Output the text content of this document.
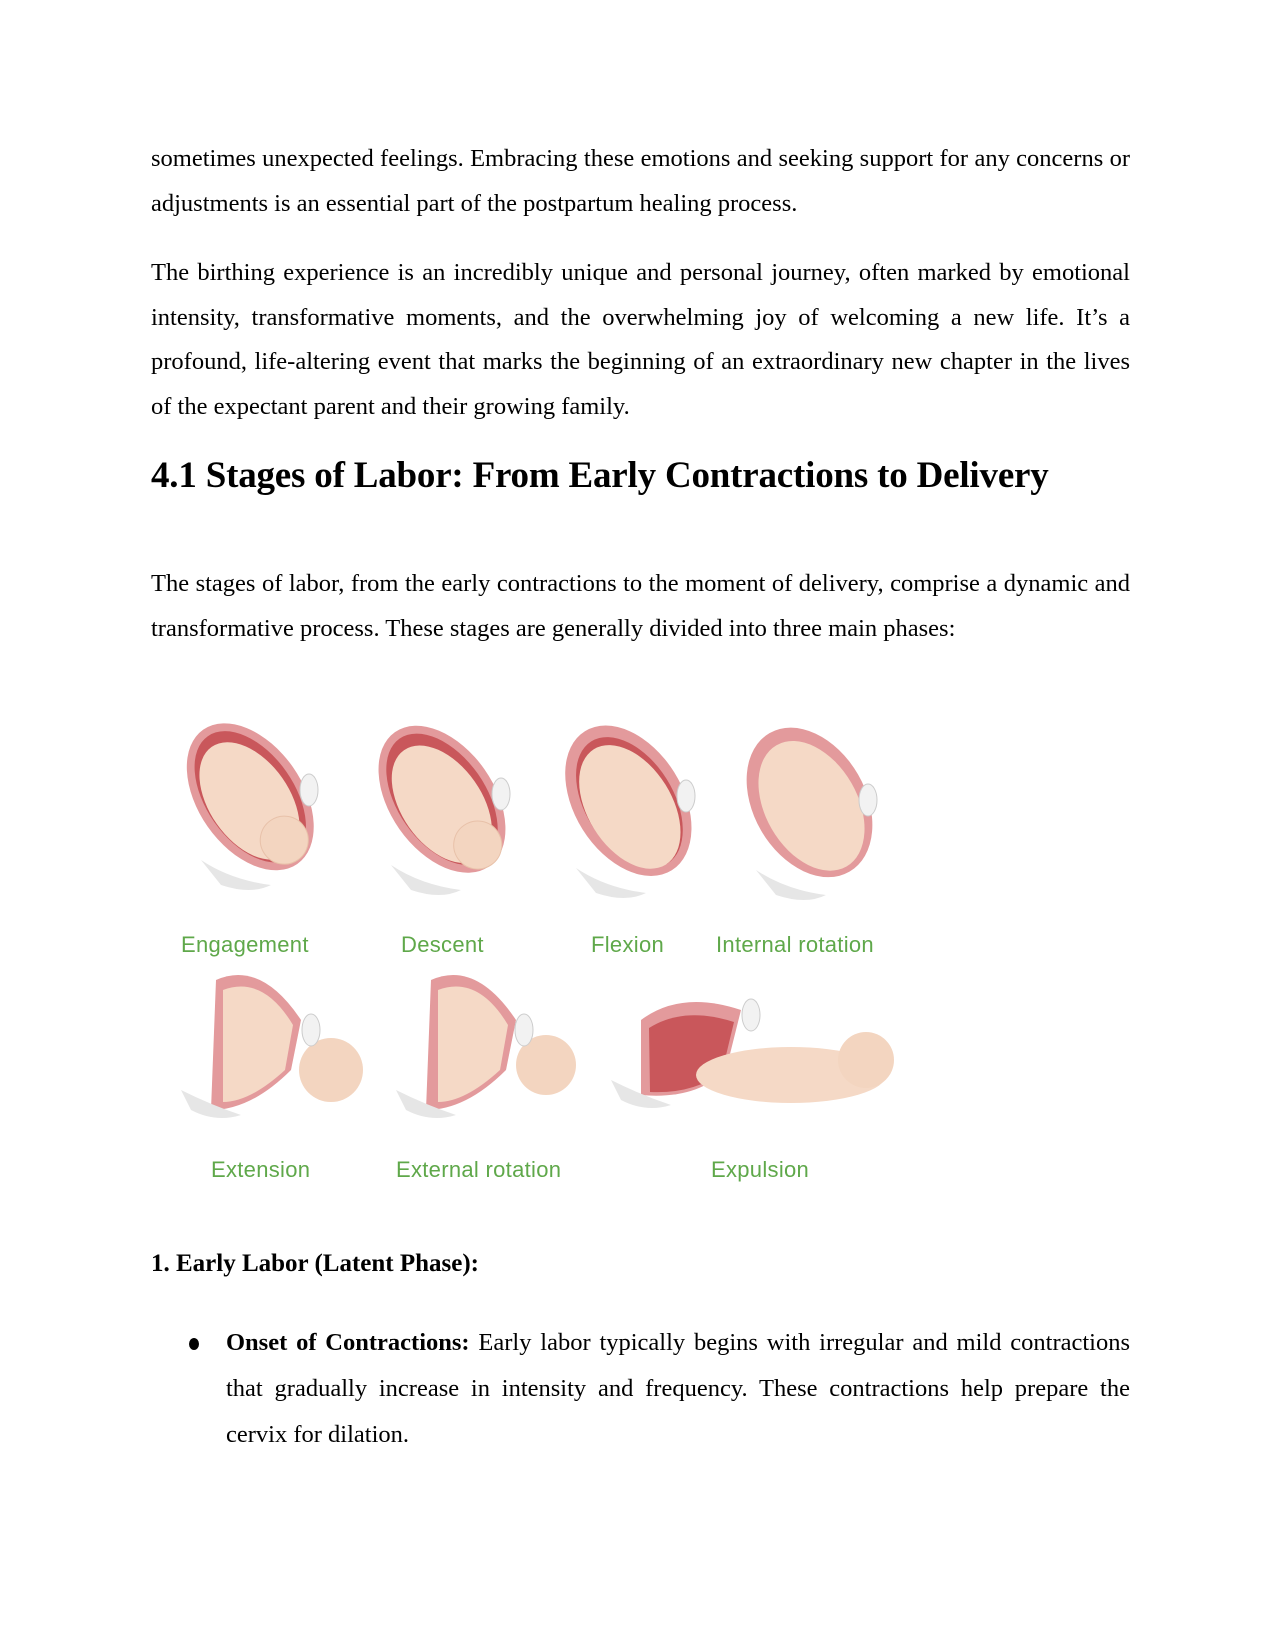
sometimes unexpected feelings. Embracing these emotions and seeking support for any concerns or adjustments is an essential part of the postpartum healing process.

The birthing experience is an incredibly unique and personal journey, often marked by emotional intensity, transformative moments, and the overwhelming joy of welcoming a new life. It’s a profound, life-altering event that marks the beginning of an extraordinary new chapter in the lives of the expectant parent and their growing family.

4.1 Stages of Labor: From Early Contractions to Delivery

The stages of labor, from the early contractions to the moment of delivery, comprise a dynamic and transformative process. These stages are generally divided into three main phases:

Engagement	Descent	Flexion Internal rotation
Extension	External rotation	Expulsion
1. Early Labor (Latent Phase):
Onset of Contractions: Early labor typically begins with irregular and mild contractions that gradually increase in intensity and frequency. These contractions help prepare the cervix for dilation.
